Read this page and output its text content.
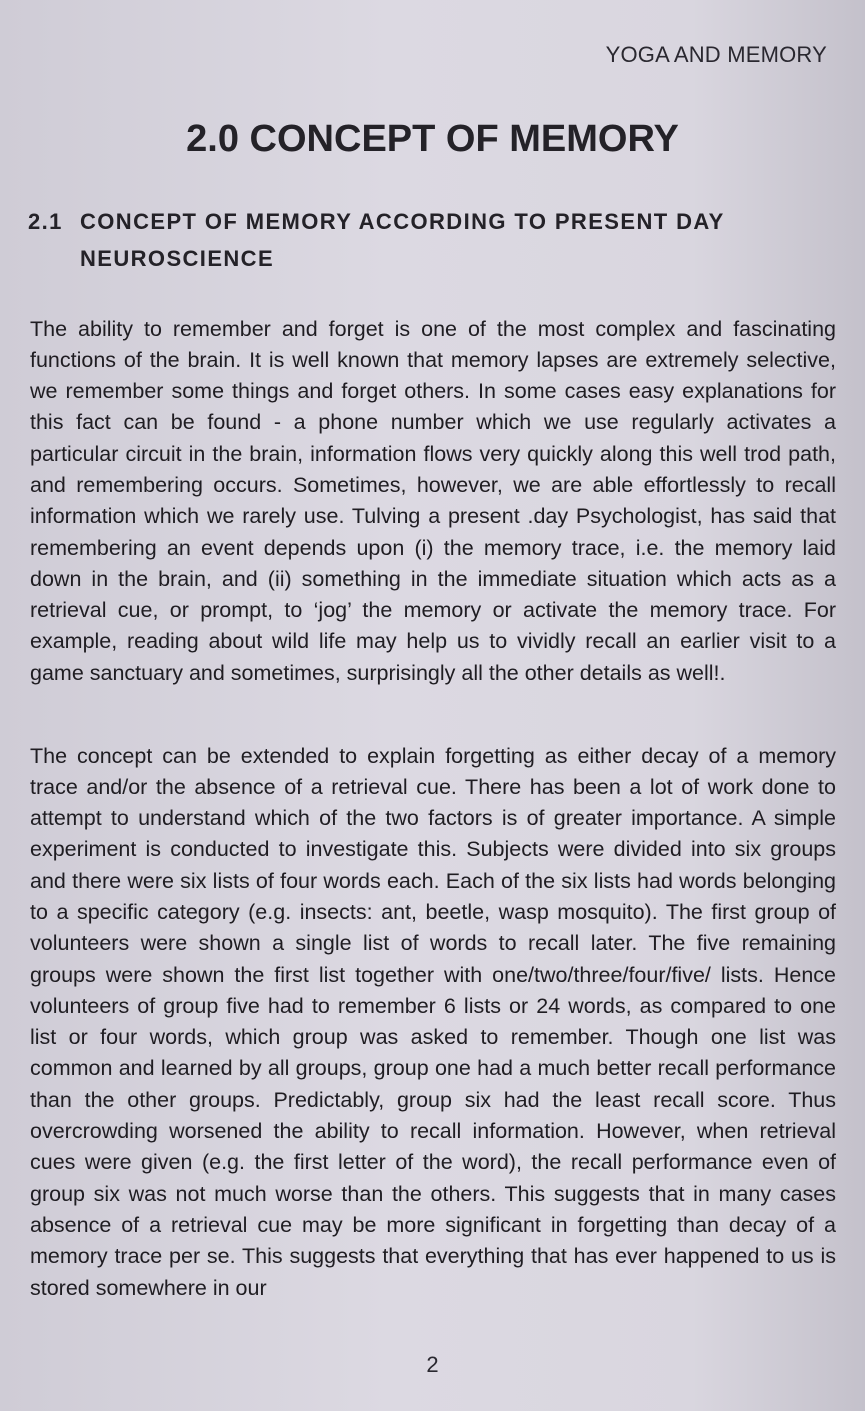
YOGA AND MEMORY
2.0 CONCEPT OF MEMORY
2.1 CONCEPT OF MEMORY ACCORDING TO PRESENT DAY
NEUROSCIENCE

The ability to remember and forget is one of the most complex and fascinating functions of the brain. It is well known that memory lapses are extremely selective, we remember some things and forget others. In some cases easy explanations for this fact can be found - a phone number which we use regularly activates a particular circuit in the brain, information flows very quickly along this well trod path, and remembering occurs. Sometimes, however, we are able effortlessly to recall information which we rarely use. Tulving a present .day Psychologist, has said that remembering an event depends upon (i) the memory trace, i.e. the memory laid down in the brain, and (ii) something in the immediate situation which acts as a retrieval cue, or prompt, to ‘jog’ the memory or activate the memory trace. For example, reading about wild life may help us to vividly recall an earlier visit to a game sanctuary and sometimes, surprisingly all the other details as well!.

The concept can be extended to explain forgetting as either decay of a memory trace and/or the absence of a retrieval cue. There has been a lot of work done to attempt to understand which of the two factors is of greater importance. A simple experiment is conducted to investigate this. Subjects were divided into six groups and there were six lists of four words each. Each of the six lists had words belonging to a specific category (e.g. insects: ant, beetle, wasp mosquito). The first group of volunteers were shown a single list of words to recall later. The five remaining groups were shown the first list together with one/two/three/four/five/ lists. Hence volunteers of group five had to remember 6 lists or 24 words, as compared to one list or four words, which group was asked to remember. Though one list was common and learned by all groups, group one had a much better recall performance than the other groups. Predictably, group six had the least recall score. Thus overcrowding worsened the ability to recall information. However, when retrieval cues were given (e.g. the first letter of the word), the recall performance even of group six was not much worse than the others. This suggests that in many cases absence of a retrieval cue may be more significant in forgetting than decay of a memory trace per se. This suggests that everything that has ever happened to us is stored somewhere in our

2
